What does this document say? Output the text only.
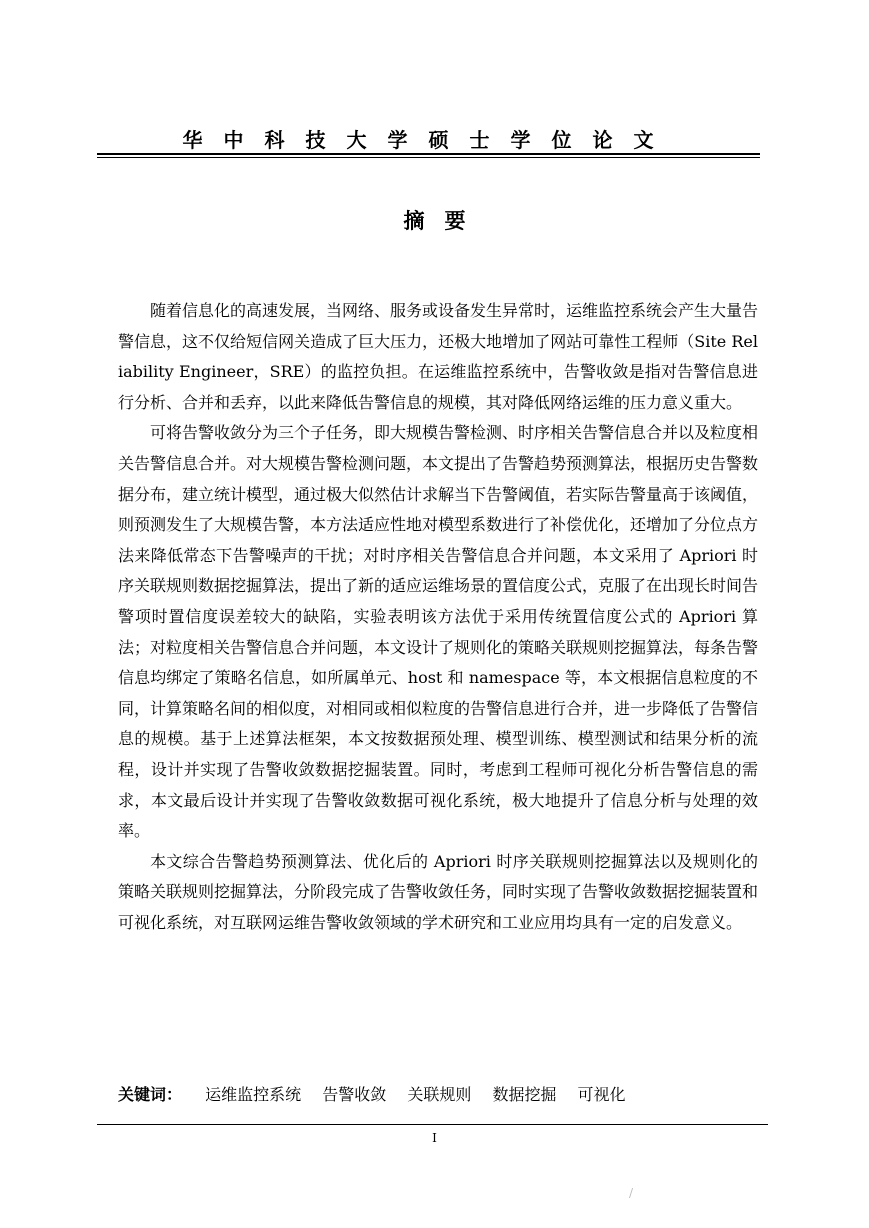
华中科技大学硕士学位论文
摘要

随着信息化的高速发展，当网络、服务或设备发生异常时，运维监控系统会产生大量告警信息，这不仅给短信网关造成了巨大压力，还极大地增加了网站可靠性工程师（Site Reliability Engineer，SRE）的监控负担。在运维监控系统中，告警收敛是指对告警信息进行分析、合并和丢弃，以此来降低告警信息的规模，其对降低网络运维的压力意义重大。

可将告警收敛分为三个子任务，即大规模告警检测、时序相关告警信息合并以及粒度相关告警信息合并。对大规模告警检测问题，本文提出了告警趋势预测算法，根据历史告警数据分布，建立统计模型，通过极大似然估计求解当下告警阈值，若实际告警量高于该阈值，则预测发生了大规模告警，本方法适应性地对模型系数进行了补偿优化，还增加了分位点方法来降低常态下告警噪声的干扰；对时序相关告警信息合并问题，本文采用了 Apriori 时序关联规则数据挖掘算法，提出了新的适应运维场景的置信度公式，克服了在出现长时间告警项时置信度误差较大的缺陷，实验表明该方法优于采用传统置信度公式的 Apriori 算法；对粒度相关告警信息合并问题，本文设计了规则化的策略关联规则挖掘算法，每条告警信息均绑定了策略名信息，如所属单元、host 和 namespace 等，本文根据信息粒度的不同，计算策略名间的相似度，对相同或相似粒度的告警信息进行合并，进一步降低了告警信息的规模。基于上述算法框架，本文按数据预处理、模型训练、模型测试和结果分析的流程，设计并实现了告警收敛数据挖掘装置。同时，考虑到工程师可视化分析告警信息的需求，本文最后设计并实现了告警收敛数据可视化系统，极大地提升了信息分析与处理的效率。

本文综合告警趋势预测算法、优化后的 Apriori 时序关联规则挖掘算法以及规则化的策略关联规则挖掘算法，分阶段完成了告警收敛任务，同时实现了告警收敛数据挖掘装置和可视化系统，对互联网运维告警收敛领域的学术研究和工业应用均具有一定的启发意义。

关键词： 运维监控系统 告警收敛 关联规则 数据挖掘 可视化
I
/
